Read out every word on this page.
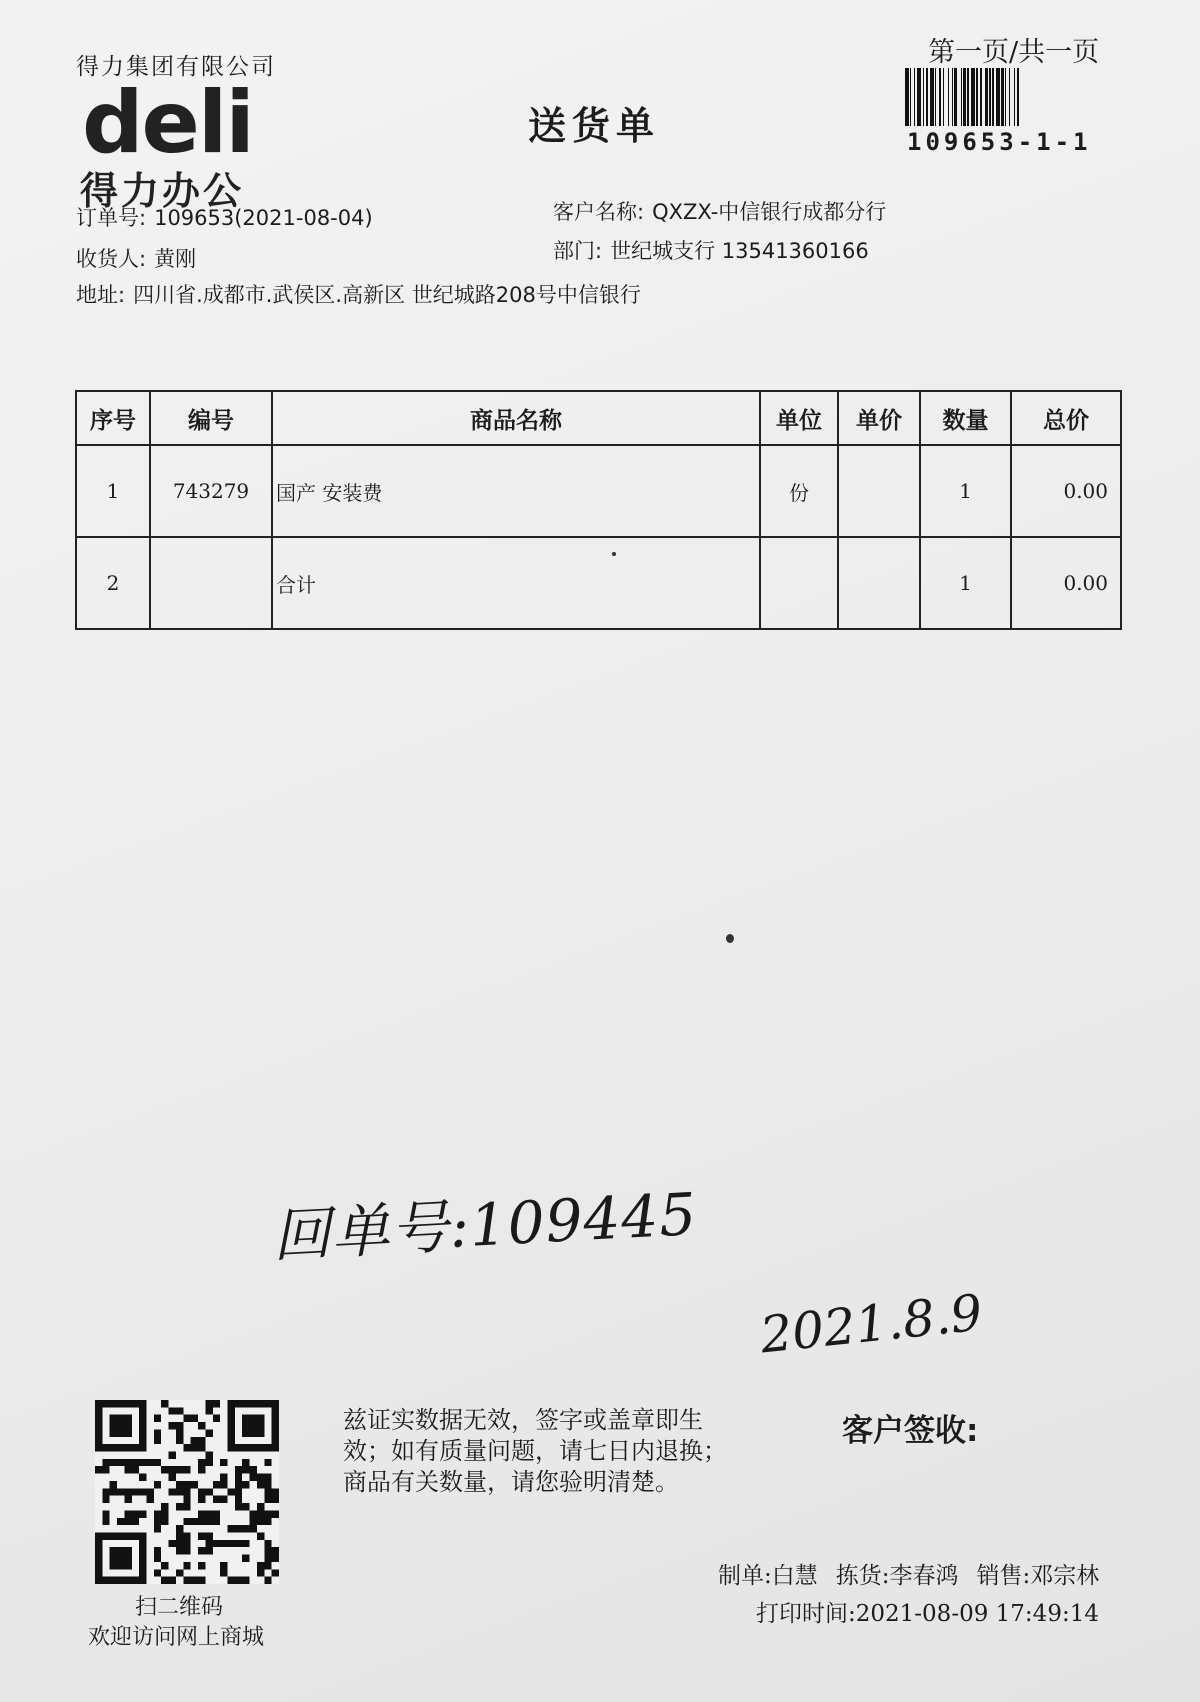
得力集团有限公司
deli
得力办公
送货单
第一页/共一页
109653-1-1
订单号: 109653(2021-08-04)
收货人: 黄刚
地址: 四川省.成都市.武侯区.高新区 世纪城路208号中信银行
客户名称: QXZX-中信银行成都分行
部门: 世纪城支行 13541360166
序号	编号	商品名称	单位	单价	数量	总价
1	743279	国产 安装费	份		1	0.00
2		合计			1	0.00
回单号:109445
2021.8.9
扫二维码
欢迎访问网上商城
兹证实数据无效，签字或盖章即生效；如有质量问题，请七日内退换；商品有关数量，请您验明清楚。
客户签收:
制单:白慧 拣货:李春鸿 销售:邓宗林
打印时间:2021-08-09 17:49:14
